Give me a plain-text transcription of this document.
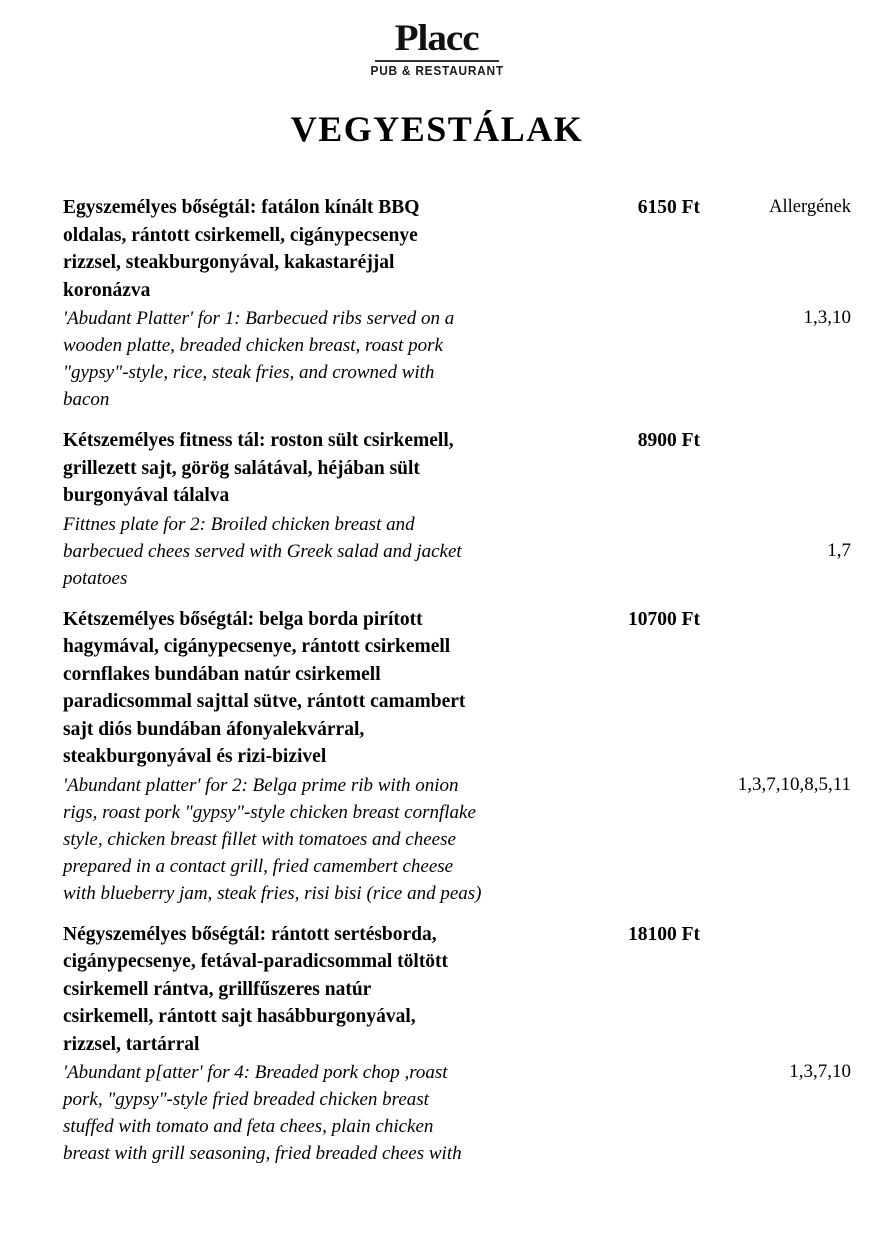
Placc
PUB & RESTAURANT
VEGYESTÁLAK
Egyszemélyes bőségtál: fatálon kínált BBQ
oldalas, rántott csirkemell, cigánypecsenye
rizzsel, steakburgonyával, kakastaréjjal
koronázva
6150 Ft	Allergének
'Abudant Platter' for 1: Barbecued ribs served on a
wooden platte, breaded chicken breast, roast pork
"gypsy"-style, rice, steak fries, and crowned with
bacon
1,3,10
Kétszemélyes fitness tál: roston sült csirkemell,
grillezett sajt, görög salátával, héjában sült
burgonyával tálalva
8900 Ft
Fittnes plate for 2: Broiled chicken breast and
barbecued chees served with Greek salad and jacket
potatoes
1,7
Kétszemélyes bőségtál: belga borda pirított
hagymával, cigánypecsenye, rántott csirkemell
cornflakes bundában natúr csirkemell
paradicsommal sajttal sütve, rántott camambert
sajt diós bundában áfonyalekvárral,
steakburgonyával és rizi-bizivel
10700 Ft
'Abundant platter' for 2: Belga prime rib with onion
rigs, roast pork "gypsy"-style chicken breast cornflake
style, chicken breast fillet with tomatoes and cheese
prepared in a contact grill, fried camembert cheese
with blueberry jam, steak fries, risi bisi (rice and peas)
1,3,7,10,8,5,11
Négyszemélyes bőségtál: rántott sertésborda,
cigánypecsenye, fetával-paradicsommal töltött
csirkemell rántva, grillfűszeres natúr
csirkemell, rántott sajt hasábburgonyával,
rizzsel, tartárral
18100 Ft
'Abundant p[atter' for 4: Breaded pork chop ,roast
pork, "gypsy"-style fried breaded chicken breast
stuffed with tomato and feta chees, plain chicken
breast with grill seasoning, fried breaded chees with
1,3,7,10
